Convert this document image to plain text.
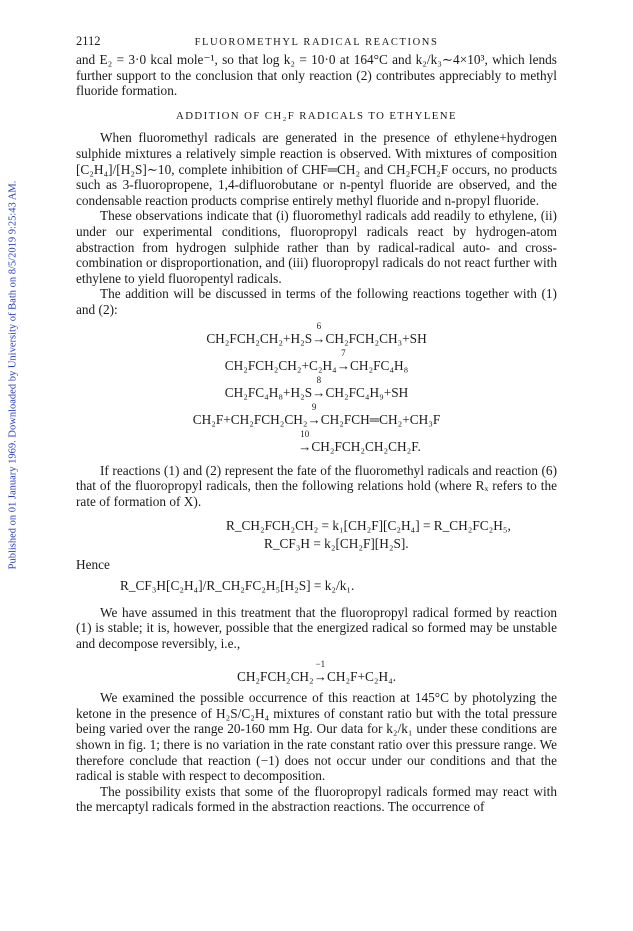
Published on 01 January 1969. Downloaded by University of Bath on 8/5/2019 9:25:43 AM.
2112	FLUOROMETHYL RADICAL REACTIONS

and E₂ = 3·0 kcal mole⁻¹, so that log k₂ = 10·0 at 164°C and k₂/k₃∼4×10³, which lends further support to the conclusion that only reaction (2) contributes appreciably to methyl fluoride formation.

ADDITION OF CH₂F RADICALS TO ETHYLENE

When fluoromethyl radicals are generated in the presence of ethylene+hydrogen sulphide mixtures a relatively simple reaction is observed. With mixtures of composition [C₂H₄]/[H₂S]∼10, complete inhibition of CHF═CH₂ and CH₂FCH₂F occurs, no products such as 3-fluoropropene, 1,4-difluorobutane or n-pentyl fluoride are observed, and the condensable reaction products comprise entirely methyl fluoride and n-propyl fluoride.

These observations indicate that (i) fluoromethyl radicals add readily to ethylene, (ii) under our experimental conditions, fluoropropyl radicals react by hydrogen-atom abstraction from hydrogen sulphide rather than by radical-radical auto- and cross-combination or disproportionation, and (iii) fluoropropyl radicals do not react further with ethylene to yield fluoropentyl radicals.

The addition will be discussed in terms of the following reactions together with (1) and (2):

CH₂FCH₂CH₂+H₂S
6
→CH₂FCH₂CH₃+SH
CH₂FCH₂CH₂+C₂H₄
7
→CH₂FC₄H₈
CH₂FC₄H₈+H₂S
8
→CH₂FC₄H₉+SH
CH₂F+CH₂FCH₂CH₂
9
→CH₂FCH═CH₂+CH₃F
10
→CH₂FCH₂CH₂CH₂F.

If reactions (1) and (2) represent the fate of the fluoromethyl radicals and reaction (6) that of the fluoropropyl radicals, then the following relations hold (where Rₓ refers to the rate of formation of X).

R_CH₂FCH₂CH₂ = k₁[CH₂F][C₂H₄] = R_CH₂FC₂H₅,
R_CF₃H = k₂[CH₂F][H₂S].
Hence
R_CF₃H[C₂H₄]/R_CH₂FC₂H₅[H₂S] = k₂/k₁.

We have assumed in this treatment that the fluoropropyl radical formed by reaction (1) is stable; it is, however, possible that the energized radical so formed may be unstable and decompose reversibly, i.e.,

CH₂FCH₂CH₂
−1
→CH₂F+C₂H₄.

We examined the possible occurrence of this reaction at 145°C by photolyzing the ketone in the presence of H₂S/C₂H₄ mixtures of constant ratio but with the total pressure being varied over the range 20-160 mm Hg. Our data for k₂/k₁ under these conditions are shown in fig. 1; there is no variation in the rate constant ratio over this pressure range. We therefore conclude that reaction (−1) does not occur under our conditions and that the radical is stable with respect to decomposition.

The possibility exists that some of the fluoropropyl radicals formed may react with the mercaptyl radicals formed in the abstraction reactions. The occurrence of
